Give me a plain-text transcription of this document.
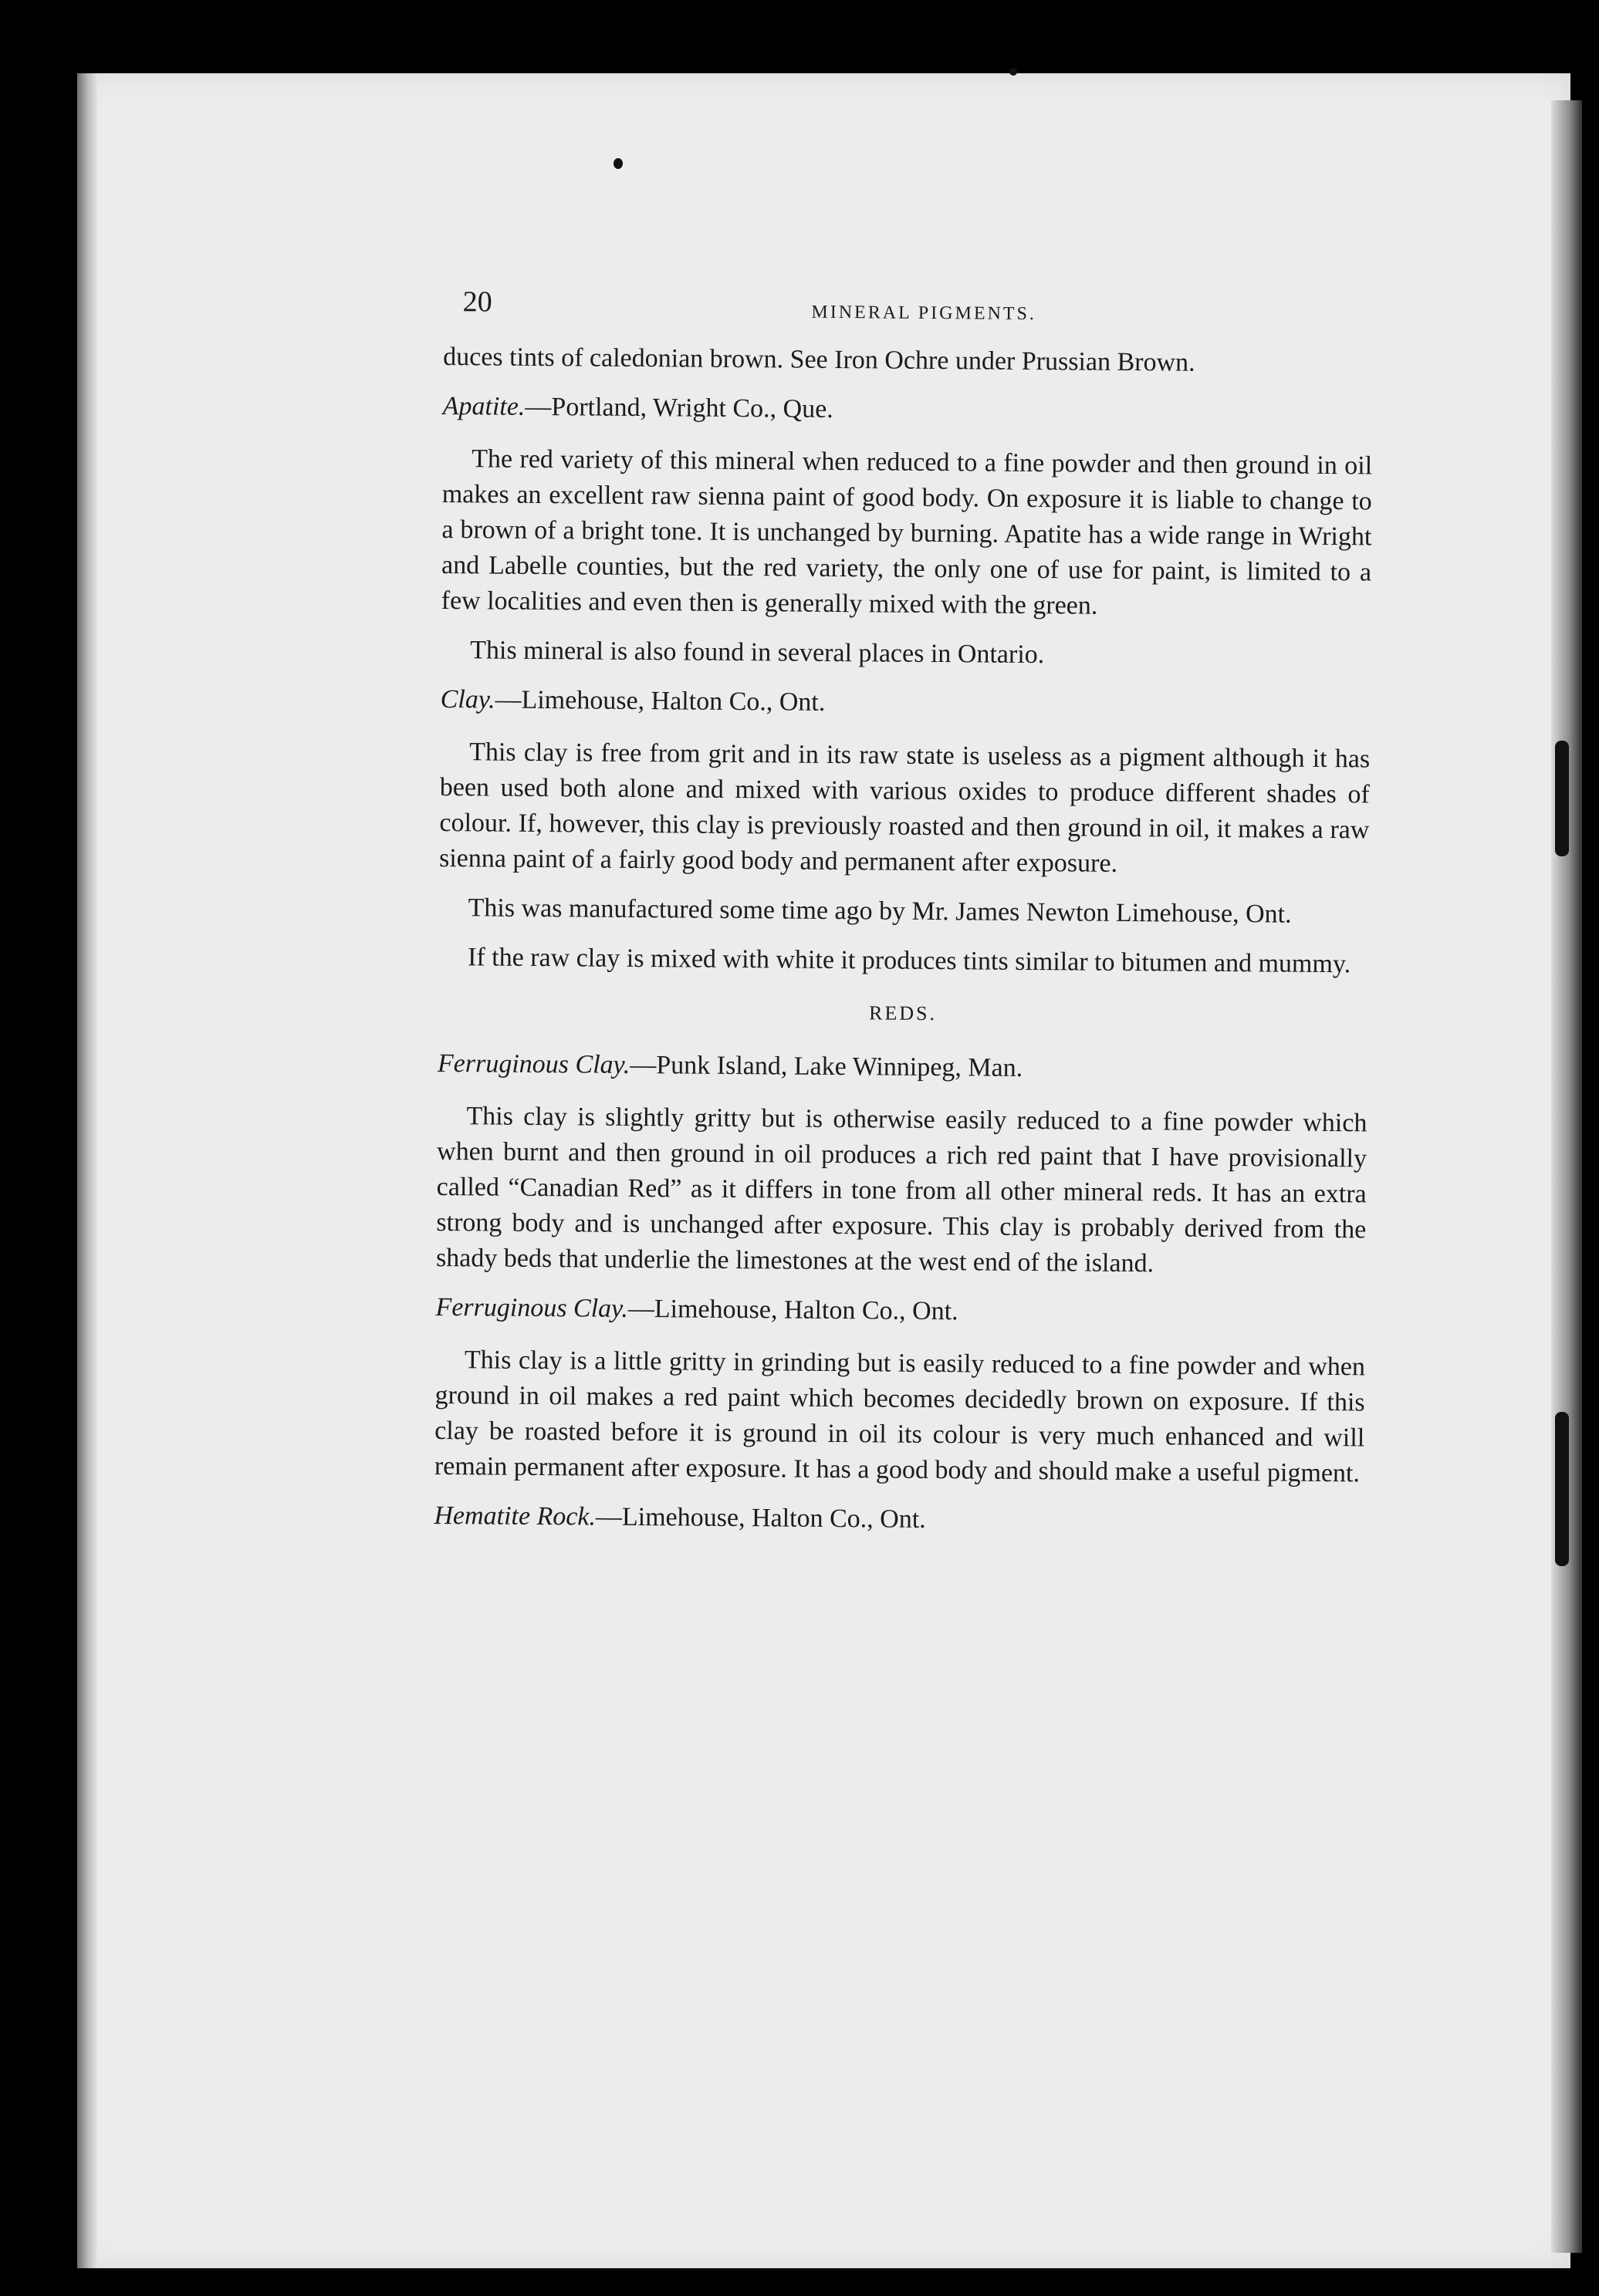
20	MINERAL PIGMENTS.

duces tints of caledonian brown. See Iron Ochre under Prussian Brown.

Apatite.—Portland, Wright Co., Que.

The red variety of this mineral when reduced to a fine powder and then ground in oil makes an excellent raw sienna paint of good body. On exposure it is liable to change to a brown of a bright tone. It is unchanged by burning. Apatite has a wide range in Wright and Labelle counties, but the red variety, the only one of use for paint, is limited to a few localities and even then is generally mixed with the green.

This mineral is also found in several places in Ontario.

Clay.—Limehouse, Halton Co., Ont.

This clay is free from grit and in its raw state is useless as a pigment although it has been used both alone and mixed with various oxides to produce different shades of colour. If, however, this clay is previously roasted and then ground in oil, it makes a raw sienna paint of a fairly good body and permanent after exposure.

This was manufactured some time ago by Mr. James Newton Limehouse, Ont.

If the raw clay is mixed with white it produces tints similar to bitumen and mummy.

REDS.

Ferruginous Clay.—Punk Island, Lake Winnipeg, Man.

This clay is slightly gritty but is otherwise easily reduced to a fine powder which when burnt and then ground in oil produces a rich red paint that I have provisionally called “Canadian Red” as it differs in tone from all other mineral reds. It has an extra strong body and is unchanged after exposure. This clay is probably derived from the shady beds that underlie the limestones at the west end of the island.

Ferruginous Clay.—Limehouse, Halton Co., Ont.

This clay is a little gritty in grinding but is easily reduced to a fine powder and when ground in oil makes a red paint which becomes decidedly brown on exposure. If this clay be roasted before it is ground in oil its colour is very much enhanced and will remain permanent after exposure. It has a good body and should make a useful pigment.

Hematite Rock.—Limehouse, Halton Co., Ont.
